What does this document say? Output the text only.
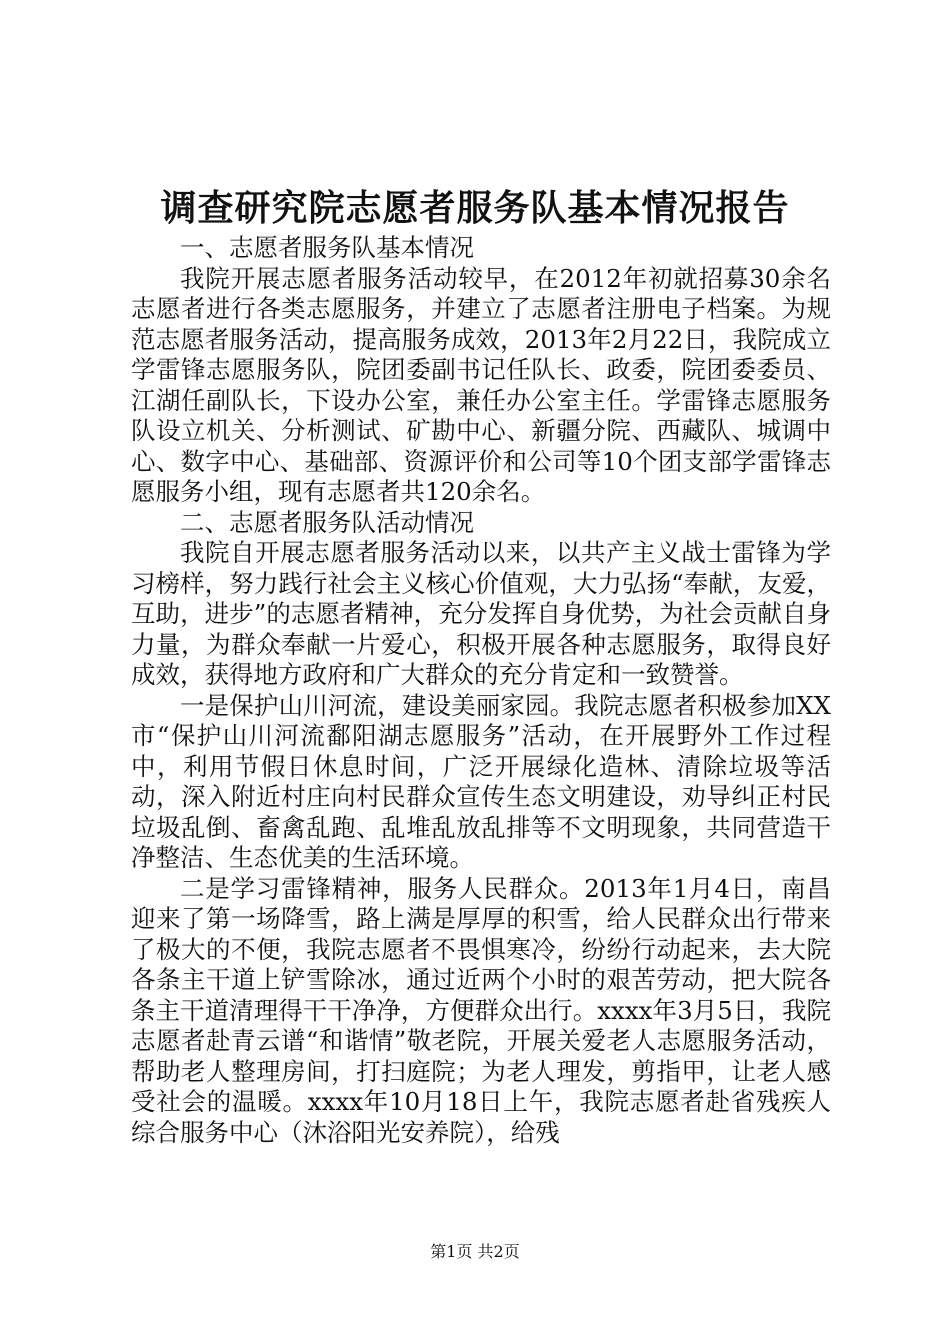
调查研究院志愿者服务队基本情况报告

一、志愿者服务队基本情况

我院开展志愿者服务活动较早，在2012年初就招募30余名志愿者进行各类志愿服务，并建立了志愿者注册电子档案。为规范志愿者服务活动，提高服务成效，2013年2月22日，我院成立学雷锋志愿服务队，院团委副书记任队长、政委，院团委委员、江湖任副队长，下设办公室，兼任办公室主任。学雷锋志愿服务队设立机关、分析测试、矿勘中心、新疆分院、西藏队、城调中心、数字中心、基础部、资源评价和公司等10个团支部学雷锋志愿服务小组，现有志愿者共120余名。

二、志愿者服务队活动情况

我院自开展志愿者服务活动以来，以共产主义战士雷锋为学习榜样，努力践行社会主义核心价值观，大力弘扬“奉献，友爱，互助，进步”的志愿者精神，充分发挥自身优势，为社会贡献自身力量，为群众奉献一片爱心，积极开展各种志愿服务，取得良好成效，获得地方政府和广大群众的充分肯定和一致赞誉。

一是保护山川河流，建设美丽家园。我院志愿者积极参加XX市“保护山川河流鄱阳湖志愿服务”活动，在开展野外工作过程中，利用节假日休息时间，广泛开展绿化造林、清除垃圾等活动，深入附近村庄向村民群众宣传生态文明建设，劝导纠正村民垃圾乱倒、畜禽乱跑、乱堆乱放乱排等不文明现象，共同营造干净整洁、生态优美的生活环境。

二是学习雷锋精神，服务人民群众。2013年1月4日，南昌迎来了第一场降雪，路上满是厚厚的积雪，给人民群众出行带来了极大的不便，我院志愿者不畏惧寒冷，纷纷行动起来，去大院各条主干道上铲雪除冰，通过近两个小时的艰苦劳动，把大院各条主干道清理得干干净净，方便群众出行。xxxx年3月5日，我院志愿者赴青云谱“和谐情”敬老院，开展关爱老人志愿服务活动，帮助老人整理房间，打扫庭院；为老人理发，剪指甲，让老人感受社会的温暖。xxxx年10月18日上午，我院志愿者赴省残疾人综合服务中心（沐浴阳光安养院），给残

第1页 共2页
